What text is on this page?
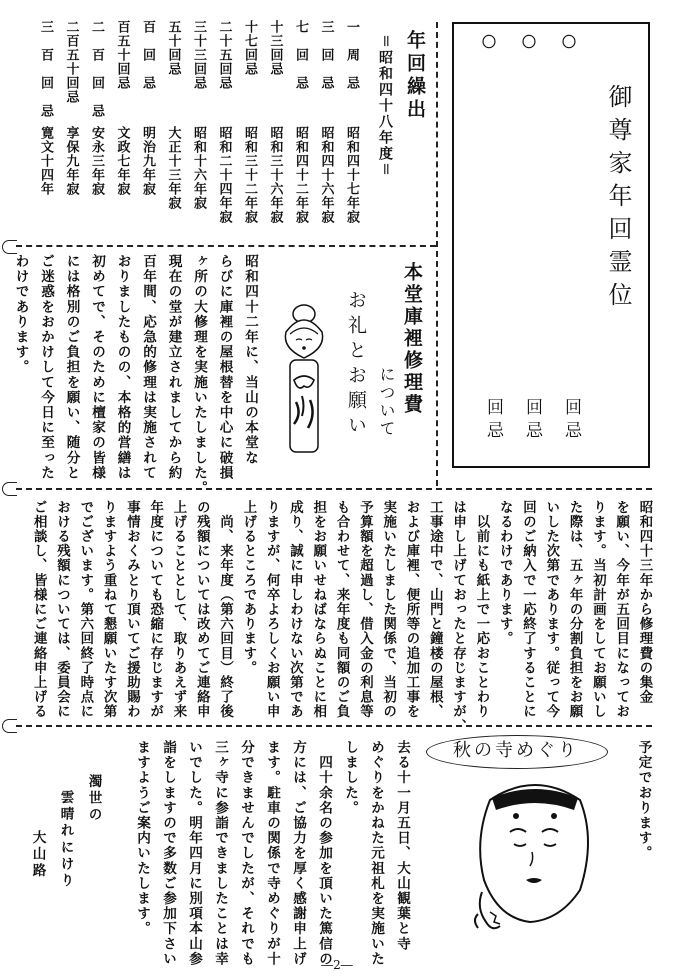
〇　〇　〇
御尊家年回霊位
回忌
回忌
回忌
年回繰出
＝昭和四十八年度＝
一　周　忌
昭和四十七年寂
三　回　忌
昭和四十六年寂
七　回　忌
昭和四十二年寂
十三回忌
昭和三十六年寂
十七回忌
昭和三十二年寂
二十五回忌
昭和二十四年寂
三十三回忌
昭和十六年寂
五十回忌
大正十三年寂
百　回　忌
明治九年寂
百五十回忌
文政七年寂
二　百　回　忌
安永三年寂
二百五十回忌
享保九年寂
三　百　回　忌
寛文十四年
本堂庫裡修理費
について
お礼とお願い
昭和四十二年に、当山の本堂な
らびに庫裡の屋根替を中心に破損
ヶ所の大修理を実施いたしました。
現在の堂が建立されましてから約
百年間、応急的修理は実施されて
おりましたものの、本格的営繕は
初めてで、そのために檀家の皆様
には格別のご負担を願い、随分と
ご迷惑をおかけして今日に至った
わけであります。
昭和四十三年から修理費の集金
を願い、今年が五回目になってお
ります。当初計画をしてお願いし
た際は、五ヶ年の分割負担をお願
いした次第であります。従って今
回のご納入で一応終了することに
なるわけであります。
　以前にも紙上で一応おことわり
は申し上げておったと存じますが、
工事途中で、山門と鐘楼の屋根、
および庫裡、便所等の追加工事を
実施いたしました関係で、当初の
予算額を超過し、借入金の利息等
も合わせて、来年度も同額のご負
担をお願いせねばならぬことに相
成り、誠に申しわけない次第であ
りますが、何卒よろしくお願い申
上げるところであります。
　尚、来年度（第六回目）終了後
の残額については改めてご連絡申
上げることとして、取りあえず来
年度についても恐縮に存じますが
事情おくみとり頂いてご援助賜わ
りますよう重ねて懇願いたす次第
でございます。第六回終了時点に
おける残額については、委員会に
ご相談し、皆様にご連絡申上げる
予定でおります。
秋の寺めぐり
去る十一月五日、大山観葉と寺
めぐりをかねた元祖札を実施いた
しました。
　四十余名の参加を頂いた篤信の
方には、ご協力を厚く感謝申上げ
ます。駐車の関係で寺めぐりが十
分できませんでしたが、それでも
三ヶ寺に参詣できましたことは幸
いでした。明年四月に別項本山参
詣をしますので多数ご参加下さい
ますようご案内いたします。
濁世の
雲晴れにけり
大山路
―2―
